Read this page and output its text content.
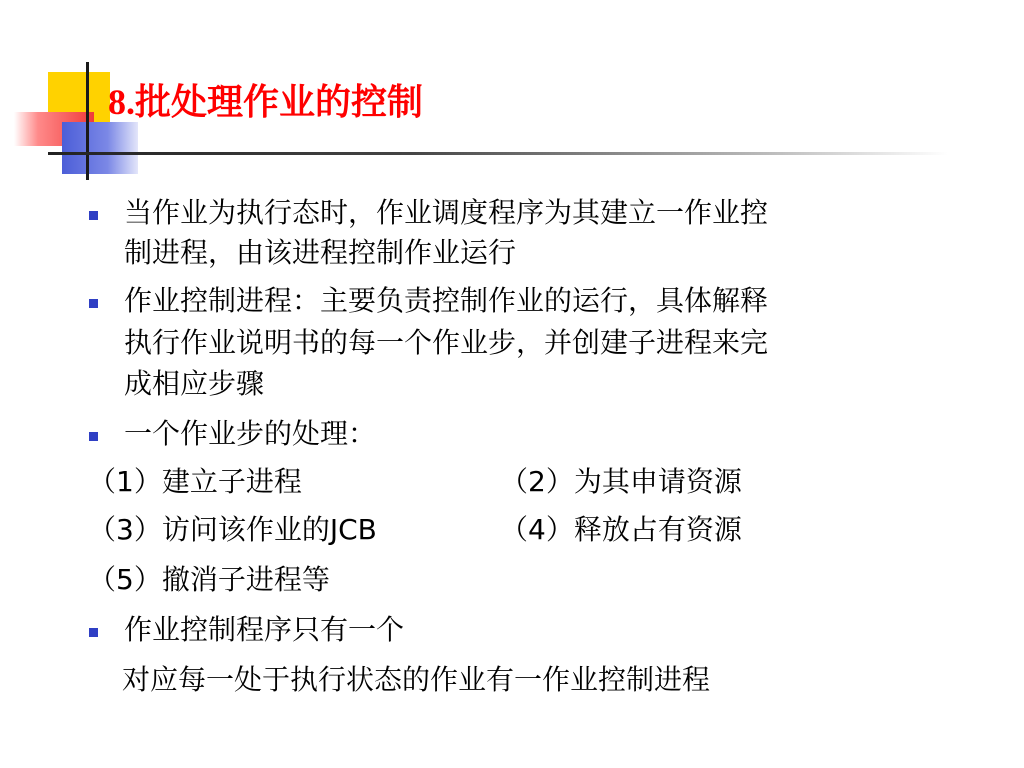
8.批处理作业的控制
当作业为执行态时，作业调度程序为其建立一作业控
制进程，由该进程控制作业运行
作业控制进程：主要负责控制作业的运行，具体解释
执行作业说明书的每一个作业步，并创建子进程来完
成相应步骤
一个作业步的处理：
（1）建立子进程	（2）为其申请资源
（3）访问该作业的JCB	（4）释放占有资源
（5）撤消子进程等
作业控制程序只有一个
对应每一处于执行状态的作业有一作业控制进程
